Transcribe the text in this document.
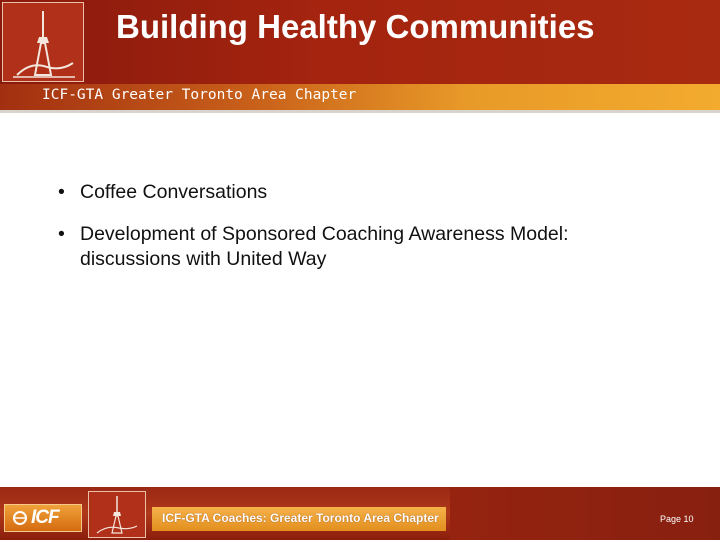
Building Healthy Communities
ICF-GTA Greater Toronto Area Chapter
• Coffee Conversations
• Development of Sponsored Coaching Awareness Model:
discussions with United Way
ICF	ICF-GTA Coaches: Greater Toronto Area Chapter	Page 10
